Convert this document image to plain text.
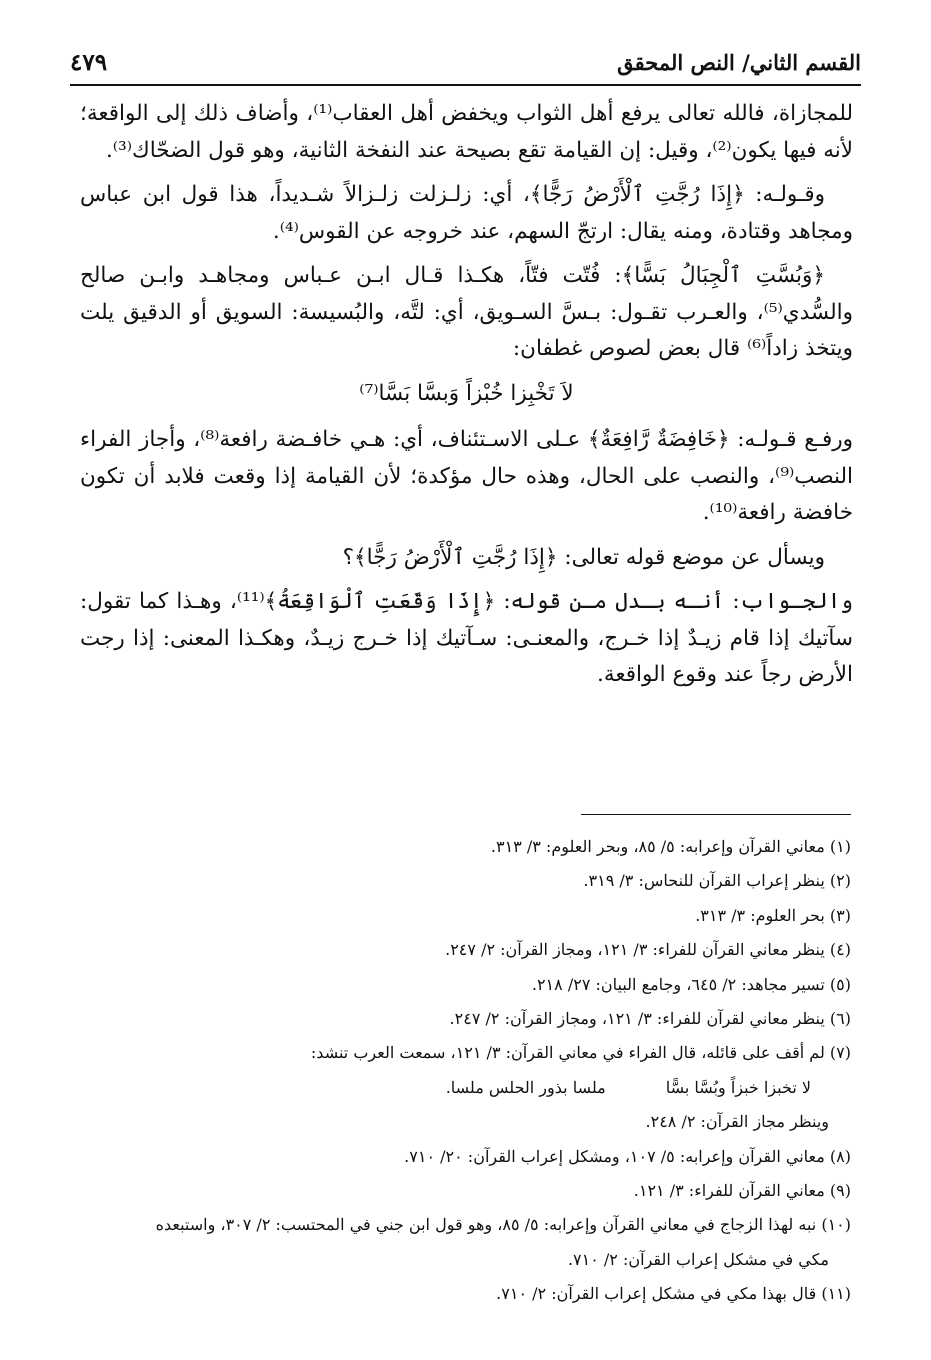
القسم الثاني/ النص المحقق
٤٧٩

للمجازاة، فالله تعالى يرفع أهل الثواب ويخفض أهل العقاب⁽¹⁾، وأضاف ذلك إلى الواقعة؛ لأنه فيها يكون⁽²⁾، وقيل: إن القيامة تقع بصيحة عند النفخة الثانية، وهو قول الضحّاك⁽³⁾.

وقـولـه: ﴿إِذَا رُجَّتِ ٱلْأَرْضُ رَجًّا﴾، أي: زلـزلت زلـزالاً شـديداً، هذا قول ابن عباس ومجاهد وقتادة، ومنه يقال: ارتجّ السهم، عند خروجه عن القوس⁽⁴⁾.

﴿وَبُسَّتِ ٱلْجِبَالُ بَسًّا﴾: فُتّت فتّاً، هكـذا قـال ابـن عـباس ومجاهـد وابـن صالح والسُّدي⁽⁵⁾، والعـرب تقـول: بـسَّ السـويق، أي: لتَّه، والبُسيسة: السويق أو الدقيق يلت ويتخذ زاداً⁽⁶⁾ قال بعض لصوص غطفان:

لاَ تَخْبِزا خُبْزاً وَبسَّا بَسَّا⁽⁷⁾

ورفـع قـولـه: ﴿خَافِضَةٌ رَّافِعَةٌ﴾ عـلى الاسـتئناف، أي: هـي خافـضة رافعة⁽⁸⁾، وأجاز الفراء النصب⁽⁹⁾، والنصب على الحال، وهذه حال مؤكدة؛ لأن القيامة إذا وقعت فلابد أن تكون خافضة رافعة⁽¹⁰⁾.

ويسأل عن موضع قوله تعالى: ﴿إِذَا رُجَّتِ ٱلْأَرْضُ رَجًّا﴾؟

والجـواب: أنـه بـدل مـن قوله: ﴿إِذَا وَقَعَتِ ٱلْوَاقِعَةُ﴾⁽¹¹⁾، وهـذا كما تقول: سآتيك إذا قام زيـدٌ إذا خـرج، والمعنـى: سـآتيك إذا خـرج زيـدٌ، وهكـذا المعنى: إذا رجت الأرض رجاً عند وقوع الواقعة.

(١) معاني القرآن وإعرابه: ٥/ ٨٥، وبحر العلوم: ٣/ ٣١٣.

(٢) ينظر إعراب القرآن للنحاس: ٣/ ٣١٩.

(٣) بحر العلوم: ٣/ ٣١٣.

(٤) ينظر معاني القرآن للفراء: ٣/ ١٢١، ومجاز القرآن: ٢/ ٢٤٧.

(٥) تسير مجاهد: ٢/ ٦٤٥، وجامع البيان: ٢٧/ ٢١٨.

(٦) ينظر معاني لقرآن للفراء: ٣/ ١٢١، ومجاز القرآن: ٢/ ٢٤٧.

(٧) لم أقف على قائله، قال الفراء في معاني القرآن: ٣/ ١٢١، سمعت العرب تنشد:

لا تخبزا خبزاً وبُسَّا بسًّا
ملسا بذور الحلس ملسا.

وينظر مجاز القرآن: ٢/ ٢٤٨.

(٨) معاني القرآن وإعرابه: ٥/ ١٠٧، ومشكل إعراب القرآن: ٢٠/ ٧١٠.

(٩) معاني القرآن للفراء: ٣/ ١٢١.

(١٠) نبه لهذا الزجاج في معاني القرآن وإعرابه: ٥/ ٨٥، وهو قول ابن جني في المحتسب: ٢/ ٣٠٧، واستبعده

مكي في مشكل إعراب القرآن: ٢/ ٧١٠.

(١١) قال بهذا مكي في مشكل إعراب القرآن: ٢/ ٧١٠.
